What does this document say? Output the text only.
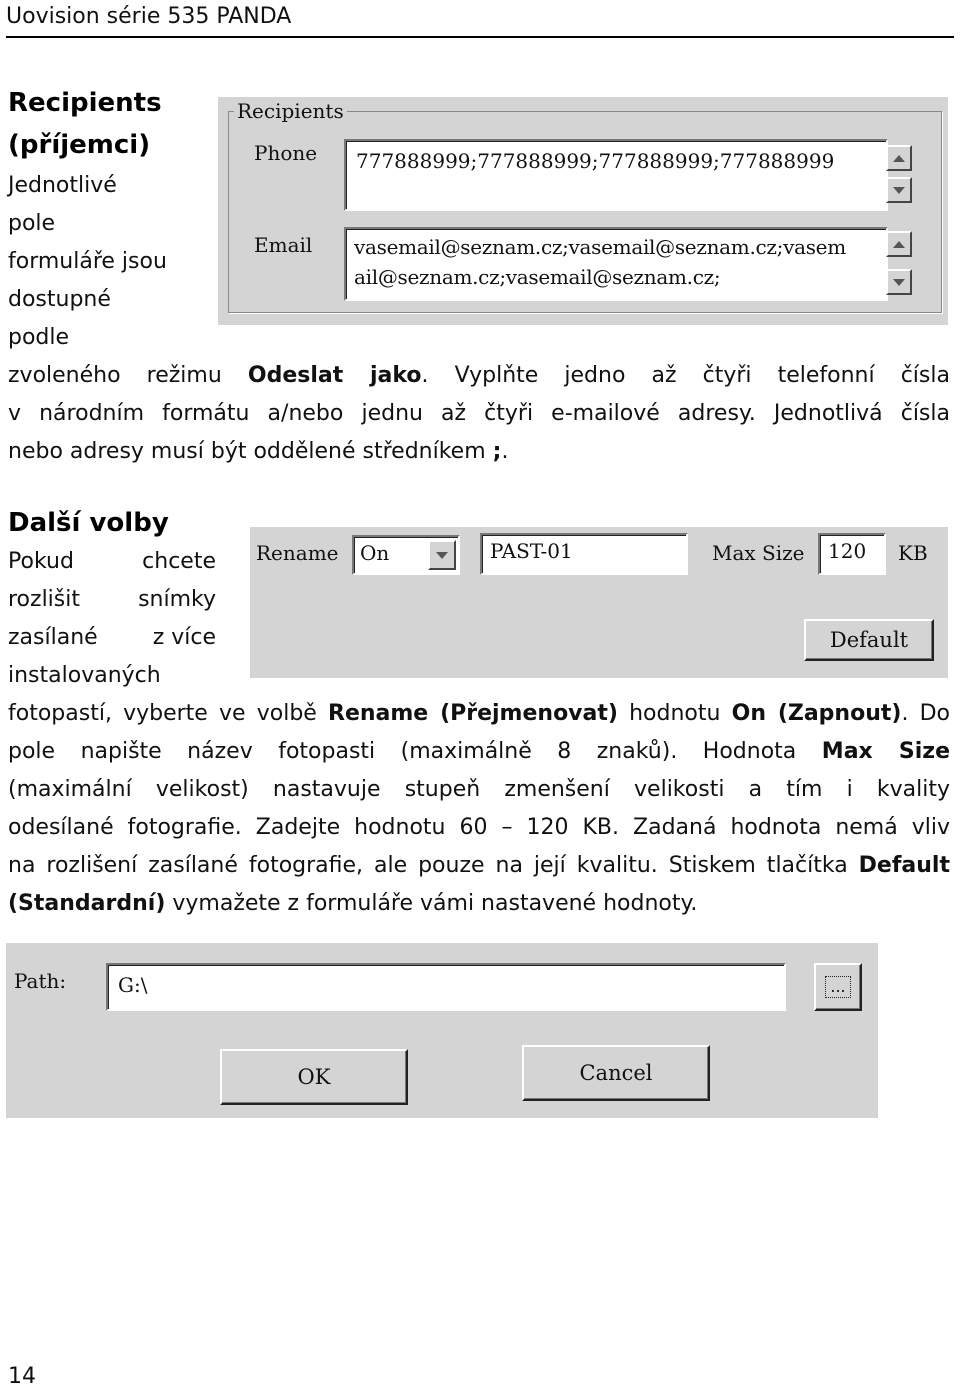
Uovision série 535 PANDA
Recipients
(příjemci)
Jednotlivé
pole
formuláře jsou
dostupné
podle
zvoleného režimu Odeslat jako. Vyplňte jedno až čtyři telefonní čísla
v národním formátu a/nebo jednu až čtyři e-mailové adresy. Jednotlivá čísla
nebo adresy musí být oddělené středníkem ;.
Recipients
Phone 777888999;777888999;777888999;777888999
Email vasemail@seznam.cz;vasemail@seznam.cz;vasem
ail@seznam.cz;vasemail@seznam.cz;
Další volby
Pokud	chcete
rozlišit	snímky
zasílané	z více
instalovaných
Rename On	PAST-01	Max Size 120 KB
Default
fotopastí, vyberte ve volbě Rename (Přejmenovat) hodnotu On (Zapnout). Do
pole napište název fotopasti (maximálně 8 znaků). Hodnota Max Size
(maximální velikost) nastavuje stupeň zmenšení velikosti a tím i kvality
odesílané fotografie. Zadejte hodnotu 60 – 120 KB. Zadaná hodnota nemá vliv
na rozlišení zasílané fotografie, ale pouze na její kvalitu. Stiskem tlačítka Default
(Standardní) vymažete z formuláře vámi nastavené hodnoty.
Path:	G:\	...
OK	Cancel
14
